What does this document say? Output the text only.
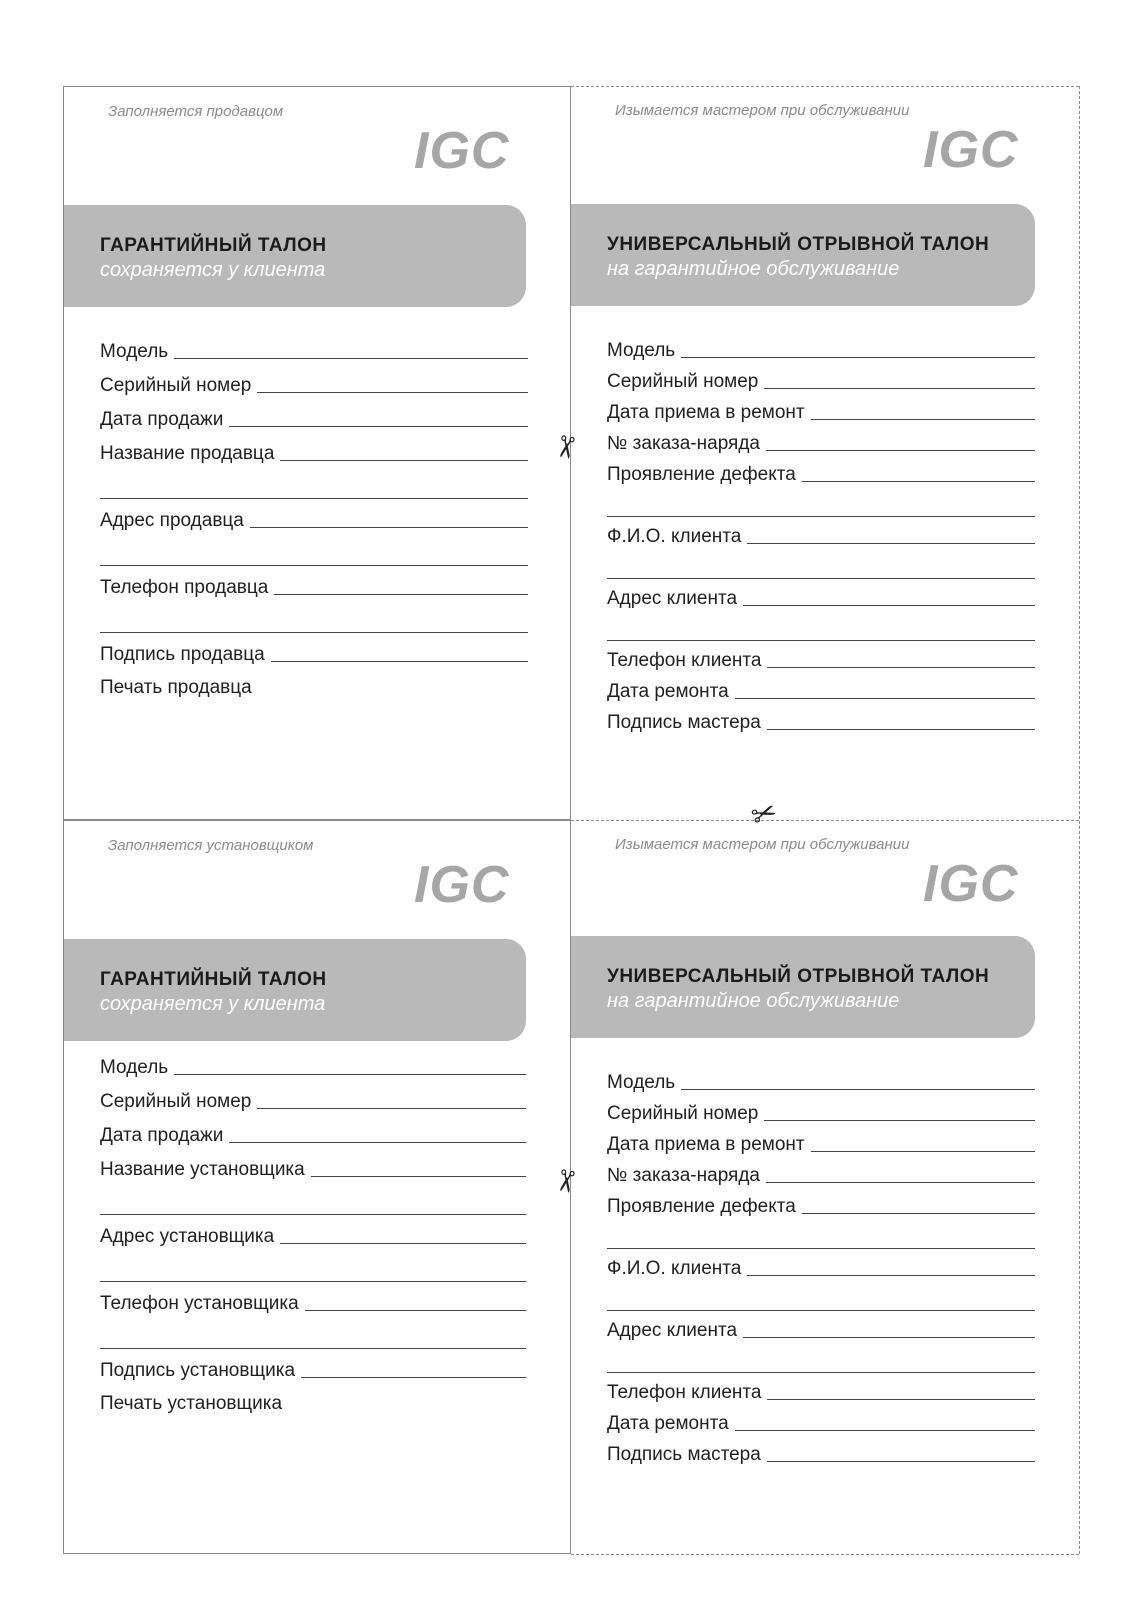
✂
✂
✂
Заполняется продавцом
IGC
ГАРАНТИЙНЫЙ ТАЛОН
сохраняется у клиента
Модель
Серийный номер
Дата продажи
Название продавца
Адрес продавца
Телефон продавца
Подпись продавца
Печать продавца
Заполняется установщиком
IGC
ГАРАНТИЙНЫЙ ТАЛОН
сохраняется у клиента
Модель
Серийный номер
Дата продажи
Название установщика
Адрес установщика
Телефон установщика
Подпись установщика
Печать установщика
Изымается мастером при обслуживании
IGC
УНИВЕРСАЛЬНЫЙ ОТРЫВНОЙ ТАЛОН
на гарантийное обслуживание
Модель
Серийный номер
Дата приема в ремонт
№ заказа-наряда
Проявление дефекта
Ф.И.О. клиента
Адрес клиента
Телефон клиента
Дата ремонта
Подпись мастера
Изымается мастером при обслуживании
IGC
УНИВЕРСАЛЬНЫЙ ОТРЫВНОЙ ТАЛОН
на гарантийное обслуживание
Модель
Серийный номер
Дата приема в ремонт
№ заказа-наряда
Проявление дефекта
Ф.И.О. клиента
Адрес клиента
Телефон клиента
Дата ремонта
Подпись мастера
